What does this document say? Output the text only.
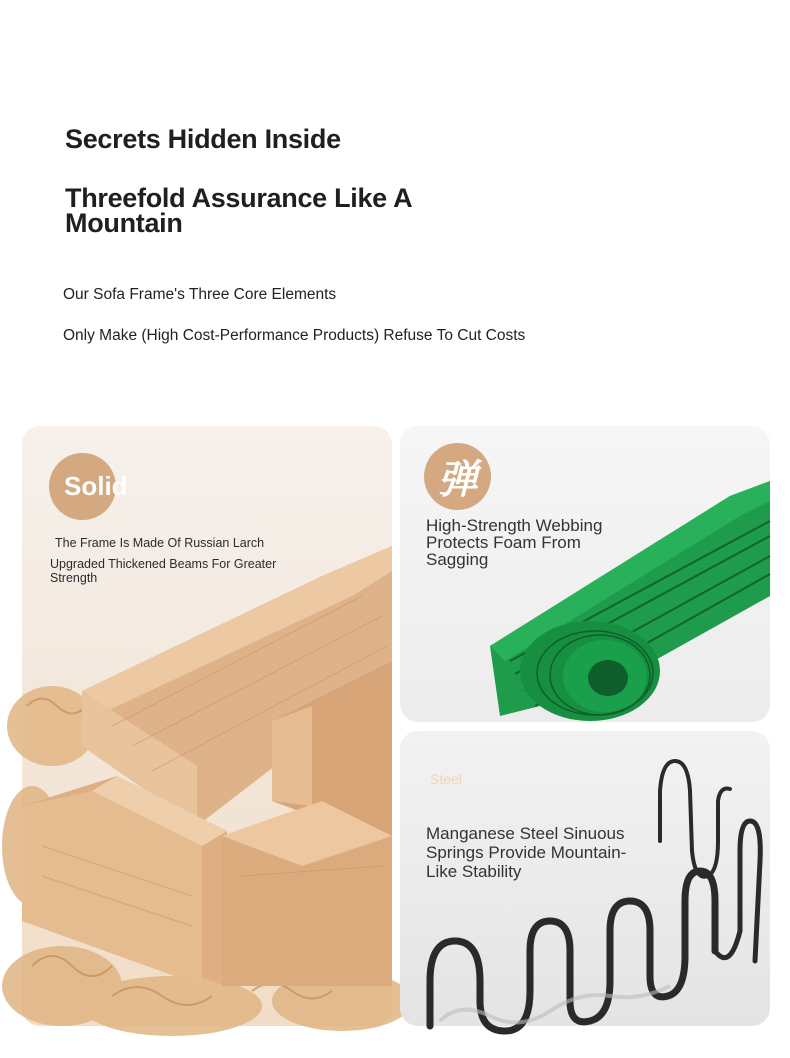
Secrets Hidden Inside
Threefold Assurance Like A Mountain
Our Sofa Frame's Three Core Elements
Only Make (High Cost-Performance Products) Refuse To Cut Costs
Solid
The Frame Is Made Of Russian Larch
Upgraded Thickened Beams For Greater Strength
弹
High-Strength Webbing Protects Foam From Sagging
Steel
Manganese Steel Sinuous Springs Provide Mountain-Like Stability
